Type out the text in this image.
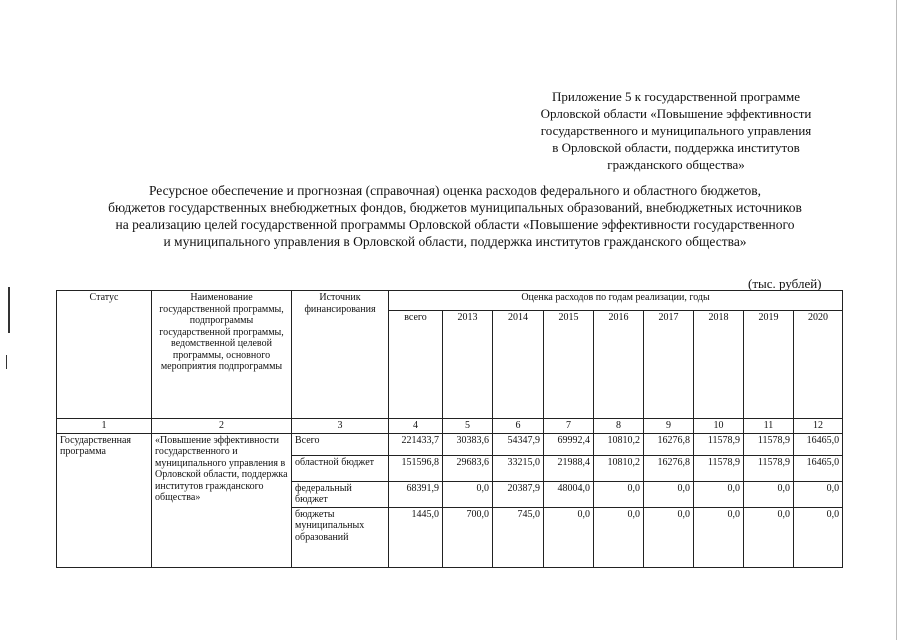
Приложение 5 к государственной программе
Орловской области «Повышение эффективности
государственного и муниципального управления
в Орловской области, поддержка институтов
гражданского общества»
Ресурсное обеспечение и прогнозная (справочная) оценка расходов федерального и областного бюджетов,
бюджетов государственных внебюджетных фондов, бюджетов муниципальных образований, внебюджетных источников
на реализацию целей государственной программы Орловской области «Повышение эффективности государственного
и муниципального управления в Орловской области, поддержка институтов гражданского общества»
(тыс. рублей)
Статус	Наименование государственной программы, подпрограммы государственной программы, ведомственной целевой программы, основного мероприятия подпрограммы	Источник финансирования	Оценка расходов по годам реализации, годы								
			всего	2013	2014	2015	2016	2017	2018	2019	2020
1	2	3	4	5	6	7	8	9	10	11	12
Государственная программа	«Повышение эффективности государственного и муниципального управления в Орловской области, поддержка институтов гражданского общества»	Всего	221433,7	30383,6	54347,9	69992,4	10810,2	16276,8	11578,9	11578,9	16465,0
		областной бюджет	151596,8	29683,6	33215,0	21988,4	10810,2	16276,8	11578,9	11578,9	16465,0
		федеральный бюджет	68391,9	0,0	20387,9	48004,0	0,0	0,0	0,0	0,0	0,0
		бюджеты муниципальных образований	1445,0	700,0	745,0	0,0	0,0	0,0	0,0	0,0	0,0
